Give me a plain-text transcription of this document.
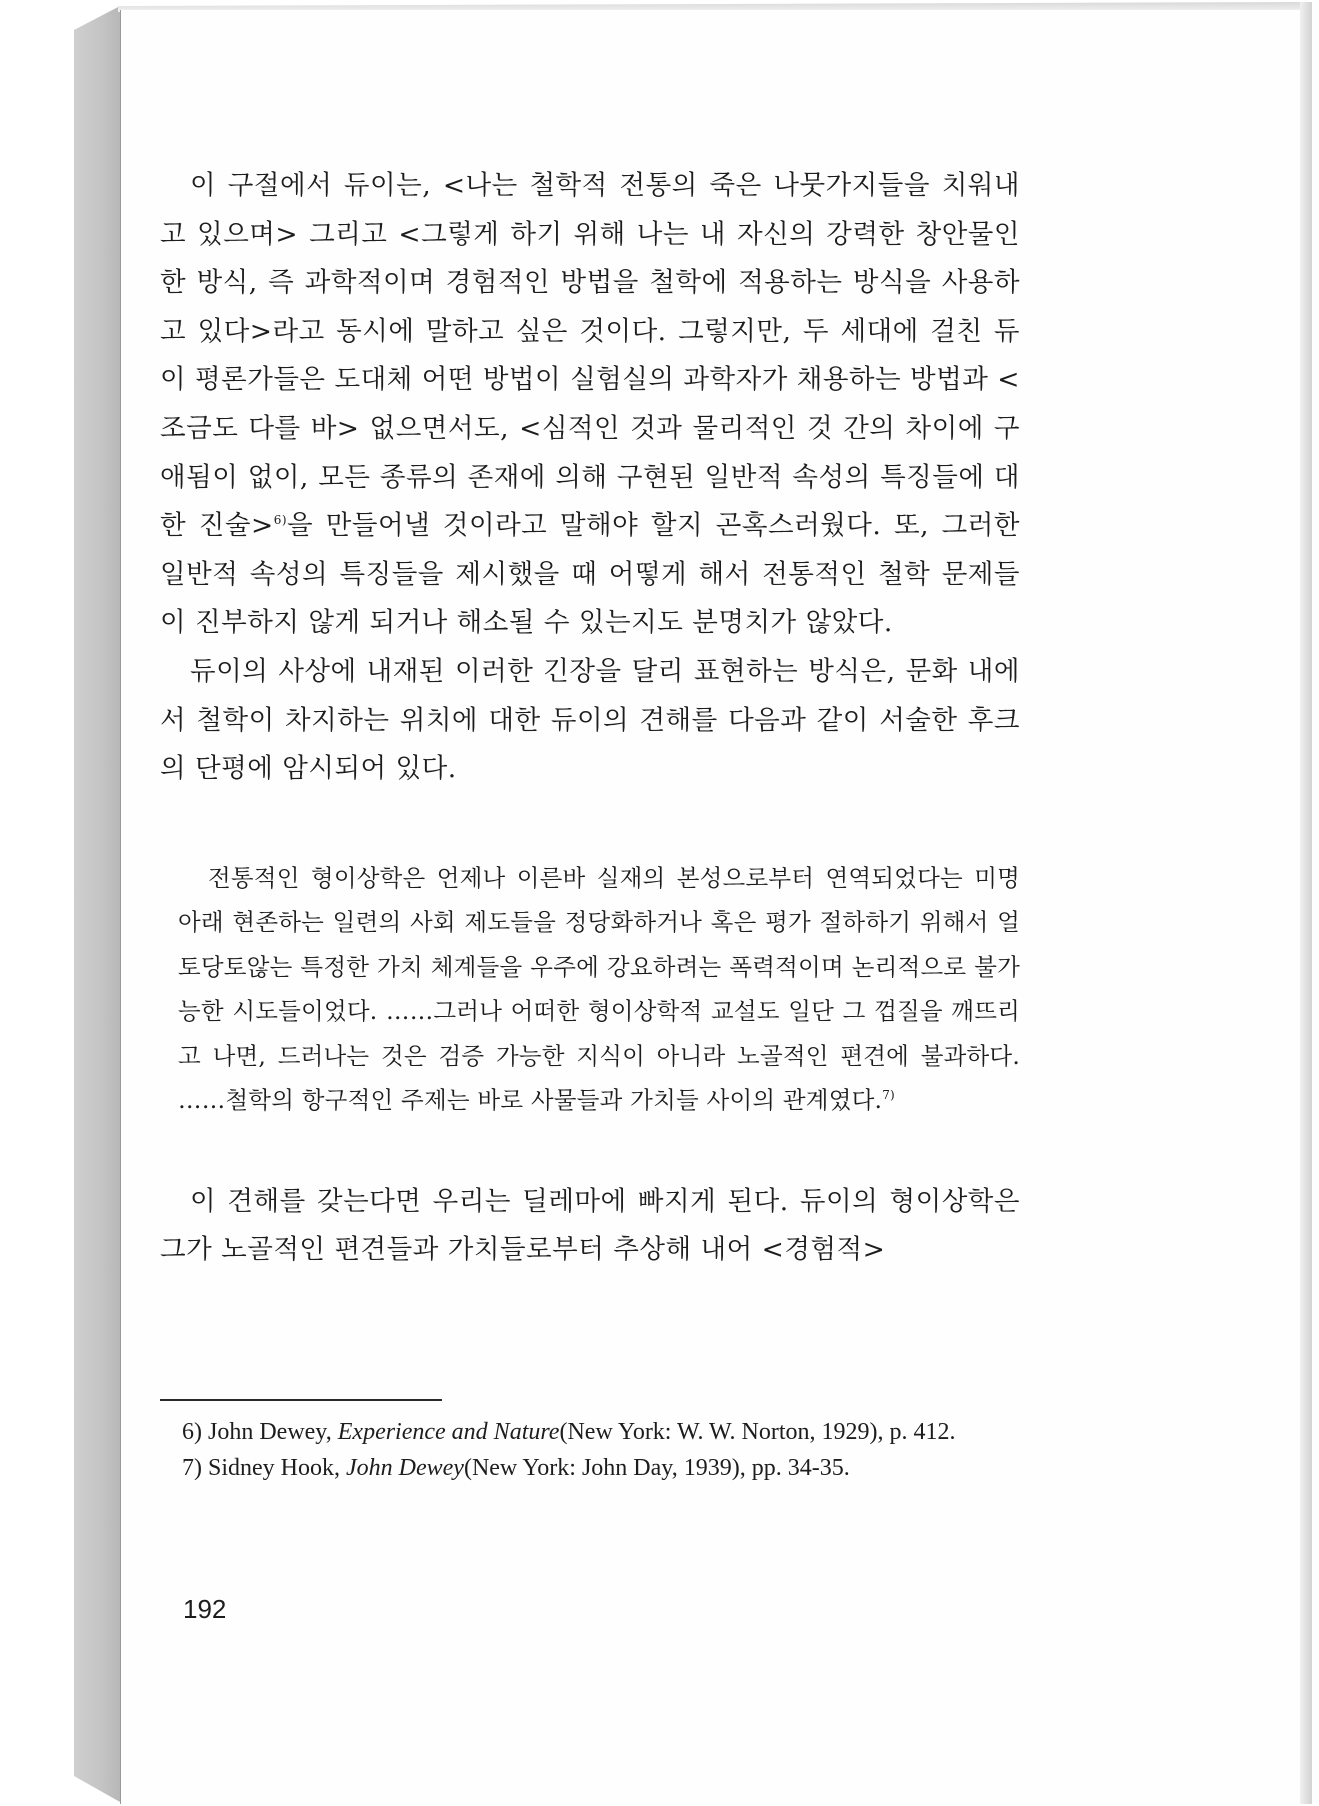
이 구절에서 듀이는, <나는 철학적 전통의 죽은 나뭇가지들을 치워내고 있으며> 그리고 <그렇게 하기 위해 나는 내 자신의 강력한 창안물인 한 방식, 즉 과학적이며 경험적인 방법을 철학에 적용하는 방식을 사용하고 있다>라고 동시에 말하고 싶은 것이다. 그렇지만, 두 세대에 걸친 듀이 평론가들은 도대체 어떤 방법이 실험실의 과학자가 채용하는 방법과 <조금도 다를 바> 없으면서도, <심적인 것과 물리적인 것 간의 차이에 구애됨이 없이, 모든 종류의 존재에 의해 구현된 일반적 속성의 특징들에 대한 진술>$^{6)}$을 만들어낼 것이라고 말해야 할지 곤혹스러웠다. 또, 그러한 일반적 속성의 특징들을 제시했을 때 어떻게 해서 전통적인 철학 문제들이 진부하지 않게 되거나 해소될 수 있는지도 분명치가 않았다.

듀이의 사상에 내재된 이러한 긴장을 달리 표현하는 방식은, 문화 내에서 철학이 차지하는 위치에 대한 듀이의 견해를 다음과 같이 서술한 후크의 단평에 암시되어 있다.

전통적인 형이상학은 언제나 이른바 실재의 본성으로부터 연역되었다는 미명 아래 현존하는 일련의 사회 제도들을 정당화하거나 혹은 평가 절하하기 위해서 얼토당토않는 특정한 가치 체계들을 우주에 강요하려는 폭력적이며 논리적으로 불가능한 시도들이었다. ……그러나 어떠한 형이상학적 교설도 일단 그 껍질을 깨뜨리고 나면, 드러나는 것은 검증 가능한 지식이 아니라 노골적인 편견에 불과하다. ……철학의 항구적인 주제는 바로 사물들과 가치들 사이의 관계였다.$^{7)}$

이 견해를 갖는다면 우리는 딜레마에 빠지게 된다. 듀이의 형이상학은 그가 노골적인 편견들과 가치들로부터 추상해 내어 <경험적>

6) John Dewey, Experience and Nature(New York: W. W. Norton, 1929), p. 412.

7) Sidney Hook, John Dewey(New York: John Day, 1939), pp. 34-35.

192
